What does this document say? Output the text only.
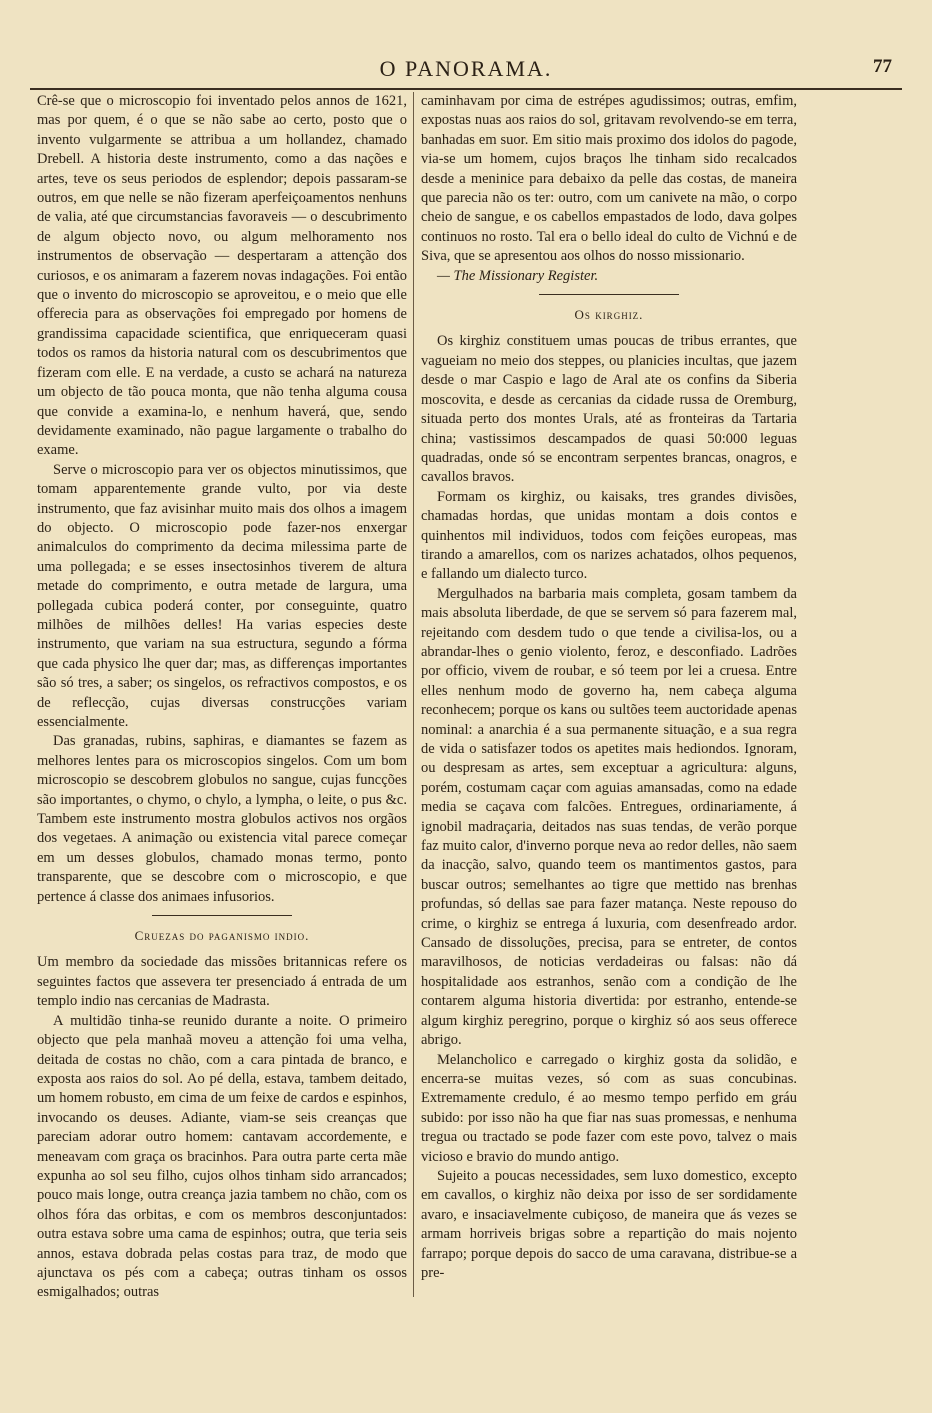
O PANORAMA.	77

Crê-se que o microscopio foi inventado pelos annos de 1621, mas por quem, é o que se não sabe ao certo, posto que o invento vulgarmente se attribua a um hollandez, chamado Drebell. A historia deste instrumento, como a das nações e artes, teve os seus periodos de esplendor; depois passaram-se outros, em que nelle se não fizeram aperfeiçoamentos nenhuns de valia, até que circumstancias favoraveis — o descubrimento de algum objecto novo, ou algum melhoramento nos instrumentos de observação — despertaram a attenção dos curiosos, e os animaram a fazerem novas indagações. Foi então que o invento do microscopio se aproveitou, e o meio que elle offerecia para as observações foi empregado por homens de grandissima capacidade scientifica, que enriqueceram quasi todos os ramos da historia natural com os descubrimentos que fizeram com elle. E na verdade, a custo se achará na natureza um objecto de tão pouca monta, que não tenha alguma cousa que convide a examina-lo, e nenhum haverá, que, sendo devidamente examinado, não pague largamente o trabalho do exame.

Serve o microscopio para ver os objectos minutissimos, que tomam apparentemente grande vulto, por via deste instrumento, que faz avisinhar muito mais dos olhos a imagem do objecto. O microscopio pode fazer-nos enxergar animalculos do comprimento da decima milessima parte de uma pollegada; e se esses insectosinhos tiverem de altura metade do comprimento, e outra metade de largura, uma pollegada cubica poderá conter, por conseguinte, quatro milhões de milhões delles! Ha varias especies deste instrumento, que variam na sua estructura, segundo a fórma que cada physico lhe quer dar; mas, as differenças importantes são só tres, a saber; os singelos, os refractivos compostos, e os de reflecção, cujas diversas construcções variam essencialmente.

Das granadas, rubins, saphiras, e diamantes se fazem as melhores lentes para os microscopios singelos. Com um bom microscopio se descobrem globulos no sangue, cujas funcções são importantes, o chymo, o chylo, a lympha, o leite, o pus &c. Tambem este instrumento mostra globulos activos nos orgãos dos vegetaes. A animação ou existencia vital parece começar em um desses globulos, chamado monas termo, ponto transparente, que se descobre com o microscopio, e que pertence á classe dos animaes infusorios.

Cruezas do paganismo indio.

Um membro da sociedade das missões britannicas refere os seguintes factos que assevera ter presenciado á entrada de um templo indio nas cercanias de Madrasta.

A multidão tinha-se reunido durante a noite. O primeiro objecto que pela manhaã moveu a attenção foi uma velha, deitada de costas no chão, com a cara pintada de branco, e exposta aos raios do sol. Ao pé della, estava, tambem deitado, um homem robusto, em cima de um feixe de cardos e espinhos, invocando os deuses. Adiante, viam-se seis creanças que pareciam adorar outro homem: cantavam accordemente, e meneavam com graça os bracinhos. Para outra parte certa mãe expunha ao sol seu filho, cujos olhos tinham sido arrancados; pouco mais longe, outra creança jazia tambem no chão, com os olhos fóra das orbitas, e com os membros desconjuntados: outra estava sobre uma cama de espinhos; outra, que teria seis annos, estava dobrada pelas costas para traz, de modo que ajunctava os pés com a cabeça; outras tinham os ossos esmigalhados; outras

caminhavam por cima de estrépes agudissimos; outras, emfim, expostas nuas aos raios do sol, gritavam revolvendo-se em terra, banhadas em suor. Em sitio mais proximo dos idolos do pagode, via-se um homem, cujos braços lhe tinham sido recalcados desde a meninice para debaixo da pelle das costas, de maneira que parecia não os ter: outro, com um canivete na mão, o corpo cheio de sangue, e os cabellos empastados de lodo, dava golpes continuos no rosto. Tal era o bello ideal do culto de Vichnú e de Siva, que se apresentou aos olhos do nosso missionario.

— The Missionary Register.

Os kirghiz.

Os kirghiz constituem umas poucas de tribus errantes, que vagueiam no meio dos steppes, ou planicies incultas, que jazem desde o mar Caspio e lago de Aral ate os confins da Siberia moscovita, e desde as cercanias da cidade russa de Oremburg, situada perto dos montes Urals, até as fronteiras da Tartaria china; vastissimos descampados de quasi 50:000 leguas quadradas, onde só se encontram serpentes brancas, onagros, e cavallos bravos.

Formam os kirghiz, ou kaisaks, tres grandes divisões, chamadas hordas, que unidas montam a dois contos e quinhentos mil individuos, todos com feições europeas, mas tirando a amarellos, com os narizes achatados, olhos pequenos, e fallando um dialecto turco.

Mergulhados na barbaria mais completa, gosam tambem da mais absoluta liberdade, de que se servem só para fazerem mal, rejeitando com desdem tudo o que tende a civilisa-los, ou a abrandar-lhes o genio violento, feroz, e desconfiado. Ladrões por officio, vivem de roubar, e só teem por lei a cruesa. Entre elles nenhum modo de governo ha, nem cabeça alguma reconhecem; porque os kans ou sultões teem auctoridade apenas nominal: a anarchia é a sua permanente situação, e a sua regra de vida o satisfazer todos os apetites mais hediondos. Ignoram, ou despresam as artes, sem exceptuar a agricultura: alguns, porém, costumam caçar com aguias amansadas, como na edade media se caçava com falcões. Entregues, ordinariamente, á ignobil madraçaria, deitados nas suas tendas, de verão porque faz muito calor, d'inverno porque neva ao redor delles, não saem da inacção, salvo, quando teem os mantimentos gastos, para buscar outros; semelhantes ao tigre que mettido nas brenhas profundas, só dellas sae para fazer matança. Neste repouso do crime, o kirghiz se entrega á luxuria, com desenfreado ardor. Cansado de dissoluções, precisa, para se entreter, de contos maravilhosos, de noticias verdadeiras ou falsas: não dá hospitalidade aos estranhos, senão com a condição de lhe contarem alguma historia divertida: por estranho, entende-se algum kirghiz peregrino, porque o kirghiz só aos seus offerece abrigo.

Melancholico e carregado o kirghiz gosta da solidão, e encerra-se muitas vezes, só com as suas concubinas. Extremamente credulo, é ao mesmo tempo perfido em gráu subido: por isso não ha que fiar nas suas promessas, e nenhuma tregua ou tractado se pode fazer com este povo, talvez o mais vicioso e bravio do mundo antigo.

Sujeito a poucas necessidades, sem luxo domestico, excepto em cavallos, o kirghiz não deixa por isso de ser sordidamente avaro, e insaciavelmente cubiçoso, de maneira que ás vezes se armam horriveis brigas sobre a repartição do mais nojento farrapo; porque depois do sacco de uma caravana, distribue-se a pre-
